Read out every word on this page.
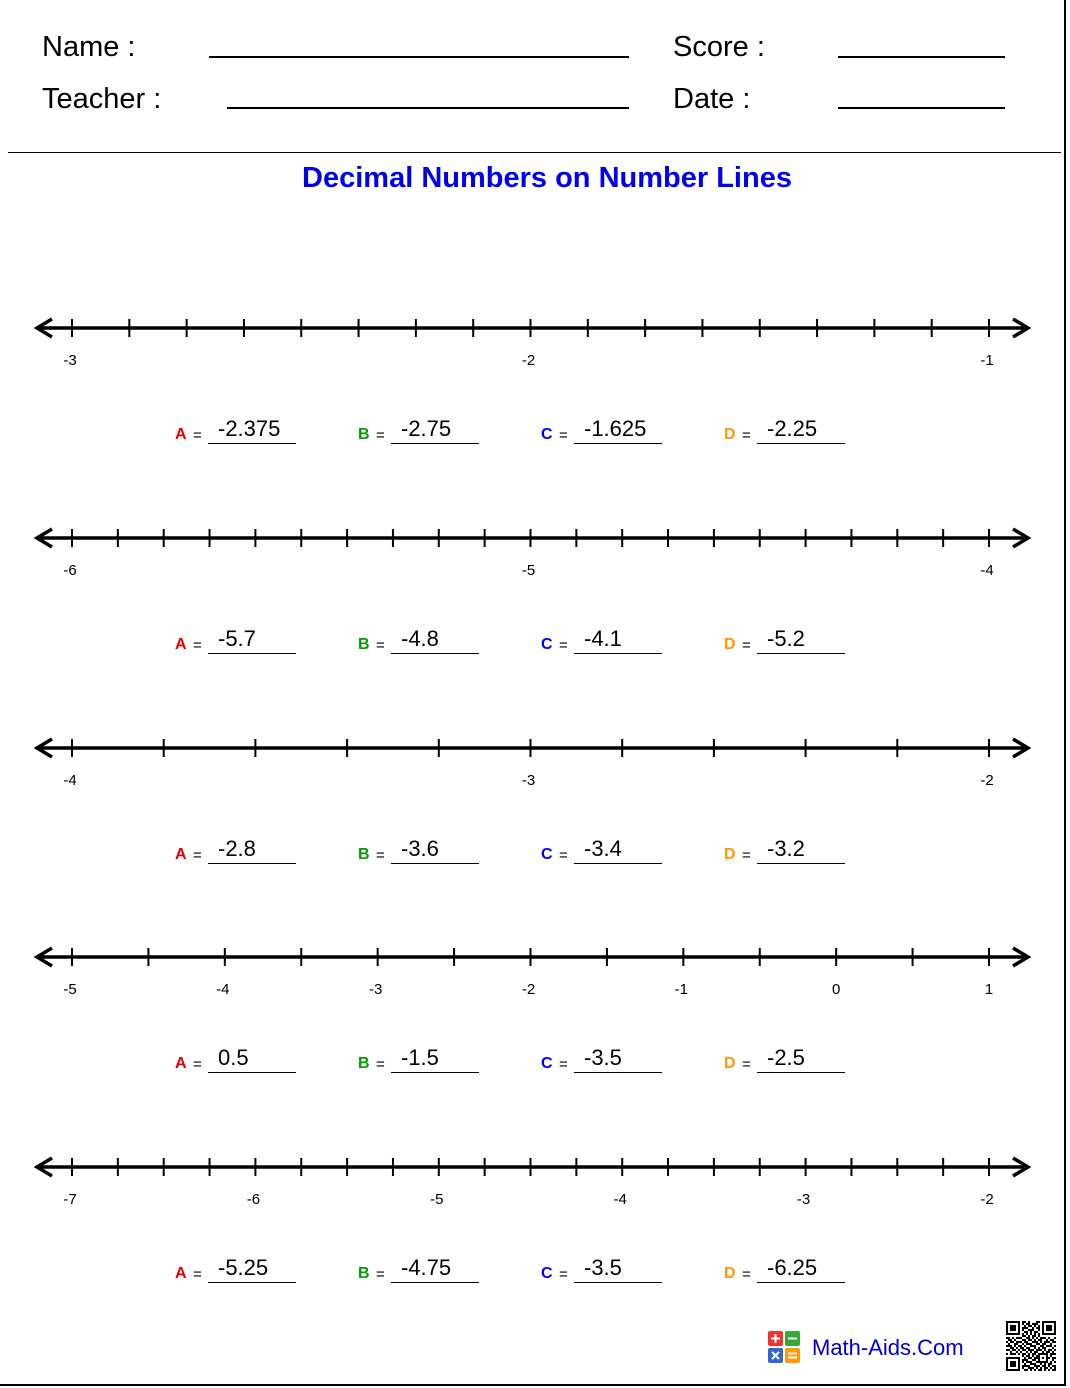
Name :
Teacher :
Score :
Date :
Decimal Numbers on Number Lines
-3	-2	-1
A = -2.375	B = -2.75	C = -1.625	D = -2.25
-6	-5	-4
A = -5.7	B = -4.8	C = -4.1	D = -5.2
-4	-3	-2
A = -2.8	B = -3.6	C = -3.4	D = -3.2
-5	-4	-3	-2	-1	0	1
A = 0.5	B = -1.5	C = -3.5	D = -2.5
-7	-6	-5	-4	-3	-2
A = -5.25	B = -4.75	C = -3.5	D = -6.25
Math-Aids.Com
